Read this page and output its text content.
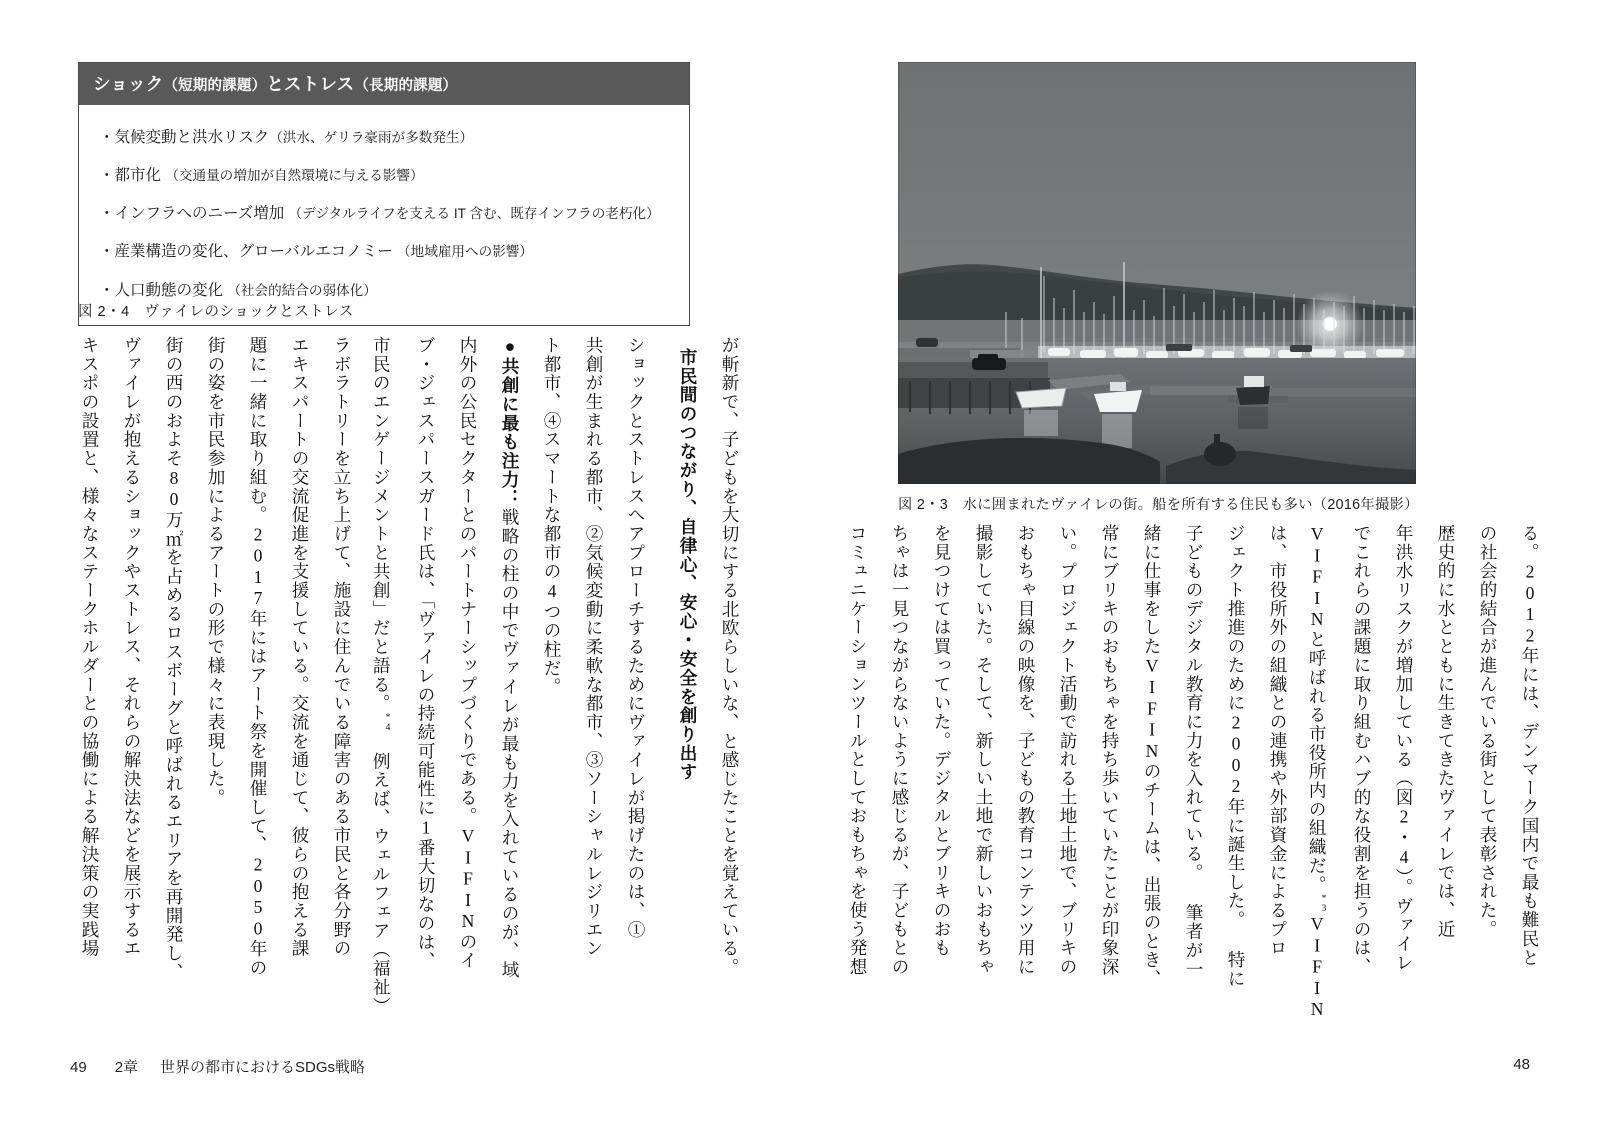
ショック（短期的課題）とストレス（長期的課題）
・気候変動と洪水リスク（洪水、ゲリラ豪雨が多数発生）
・都市化 （交通量の増加が自然環境に与える影響）
・インフラへのニーズ増加 （デジタルライフを支える IT 含む、既存インフラの老朽化）
・産業構造の変化、グローバルエコノミー （地域雇用への影響）
・人口動態の変化 （社会的結合の弱体化）
図 2・4　ヴァイレのショックとストレス
が斬新で、子どもを大切にする北欧らしいな、と感じたことを覚えている。
市民間のつながり、自律心、安心・安全を創り出す
ショックとストレスへアプローチするためにヴァイレが掲げたのは、①
共創が生まれる都市、②気候変動に柔軟な都市、③ソーシャルレジリエン
ト都市、④スマートな都市の4つの柱だ。
●共創に最も注力：戦略の柱の中でヴァイレが最も力を入れているのが、域
内外の公民セクターとのパートナーシップづくりである。VIFINのイ
ブ・ジェスパースガード氏は、「ヴァイレの持続可能性に1番大切なのは、
市民のエンゲージメントと共創」だと語る。$^{*4}$　例えば、ウェルフェア（福祉）
ラボラトリーを立ち上げて、施設に住んでいる障害のある市民と各分野の
エキスパートの交流促進を支援している。交流を通じて、彼らの抱える課
題に一緒に取り組む。2017年にはアート祭を開催して、2050年の
街の姿を市民参加によるアートの形で様々に表現した。
街の西のおよそ80万㎡を占めるロスボーグと呼ばれるエリアを再開発し、
ヴァイレが抱えるショックやストレス、それらの解決法などを展示するエ
キスポの設置と、様々なステークホルダーとの協働による解決策の実践場
49 2章 世界の都市におけるSDGs戦略
図 2・3　水に囲まれたヴァイレの街。船を所有する住民も多い（2016年撮影）
る。2012年には、デンマーク国内で最も難民と
の社会的結合が進んでいる街として表彰された。
歴史的に水とともに生きてきたヴァイレでは、近
年洪水リスクが増加している（図2・4）。ヴァイレ
でこれらの課題に取り組むハブ的な役割を担うのは、
VIFINと呼ばれる市役所内の組織だ。$^{*3}$VIFIN
は、市役所外の組織との連携や外部資金によるプロ
ジェクト推進のために2002年に誕生した。 特に
子どものデジタル教育に力を入れている。 筆者が一
緒に仕事をしたVIFINのチームは、出張のとき、
常にブリキのおもちゃを持ち歩いていたことが印象深
い。プロジェクト活動で訪れる土地土地で、ブリキの
おもちゃ目線の映像を、子どもの教育コンテンツ用に
撮影していた。そして、新しい土地で新しいおもちゃ
を見つけては買っていた。デジタルとブリキのおも
ちゃは一見つながらないように感じるが、子どもとの
コミュニケーションツールとしておもちゃを使う発想
48
